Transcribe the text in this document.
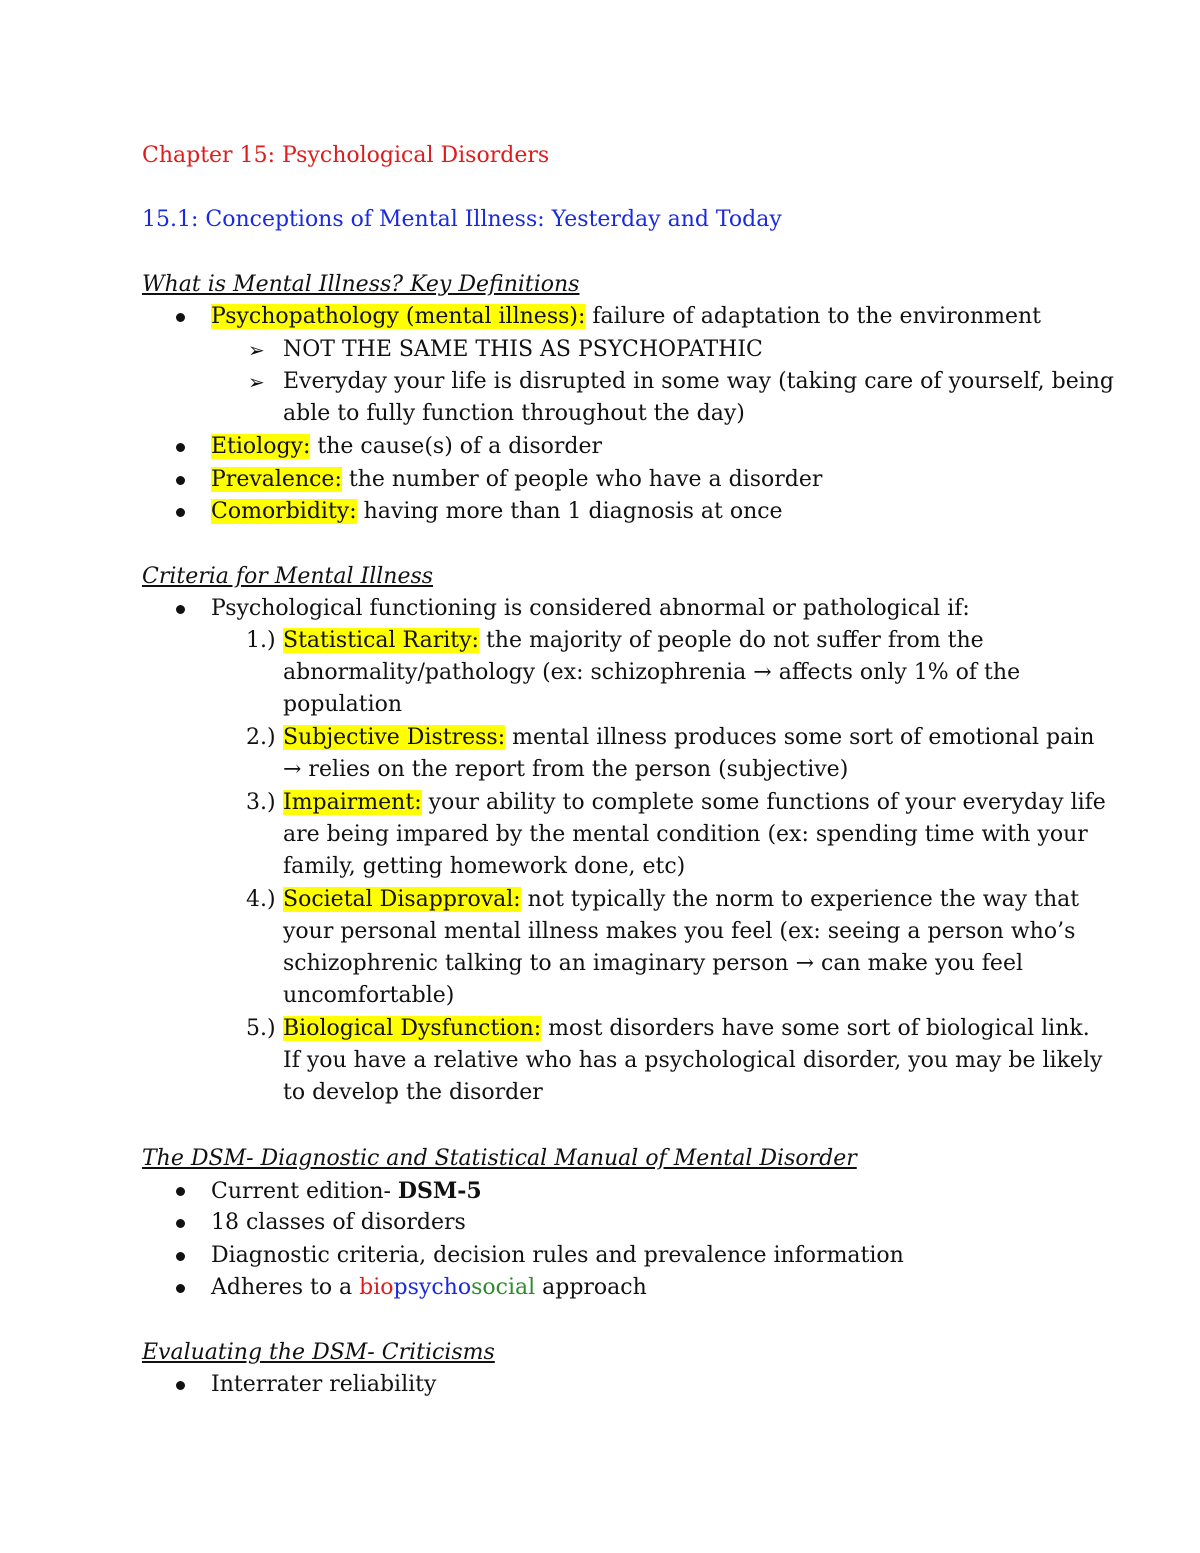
Chapter 15: Psychological Disorders
15.1: Conceptions of Mental Illness: Yesterday and Today
What is Mental Illness? Key Definitions
Psychopathology (mental illness): failure of adaptation to the environment
➢ NOT THE SAME THIS AS PSYCHOPATHIC
➢ Everyday your life is disrupted in some way (taking care of yourself, being
able to fully function throughout the day)
Etiology: the cause(s) of a disorder
Prevalence: the number of people who have a disorder
Comorbidity: having more than 1 diagnosis at once
Criteria for Mental Illness
Psychological functioning is considered abnormal or pathological if:
1.) Statistical Rarity: the majority of people do not suffer from the
abnormality/pathology (ex: schizophrenia → affects only 1% of the
population
2.) Subjective Distress: mental illness produces some sort of emotional pain
→ relies on the report from the person (subjective)
3.) Impairment: your ability to complete some functions of your everyday life
are being impared by the mental condition (ex: spending time with your
family, getting homework done, etc)
4.) Societal Disapproval: not typically the norm to experience the way that
your personal mental illness makes you feel (ex: seeing a person who’s
schizophrenic talking to an imaginary person → can make you feel
uncomfortable)
5.) Biological Dysfunction: most disorders have some sort of biological link.
If you have a relative who has a psychological disorder, you may be likely
to develop the disorder
The DSM- Diagnostic and Statistical Manual of Mental Disorder
Current edition- DSM-5
18 classes of disorders
Diagnostic criteria, decision rules and prevalence information
Adheres to a biopsychosocial approach
Evaluating the DSM- Criticisms
Interrater reliability
